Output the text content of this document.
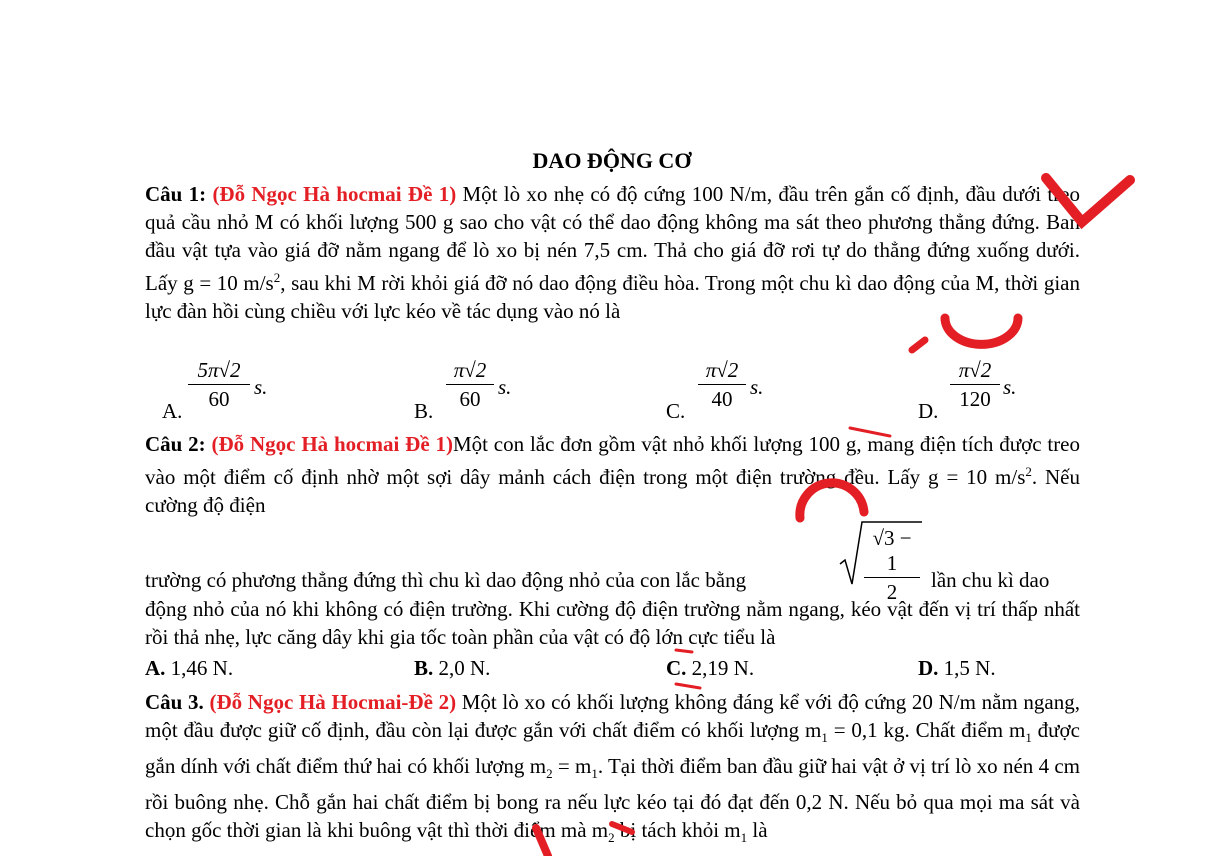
DAO ĐỘNG CƠ
Câu 1: (Đỗ Ngọc Hà hocmai Đề 1) Một lò xo nhẹ có độ cứng 100 N/m, đầu trên gắn cố định, đầu dưới treo quả cầu nhỏ M có khối lượng 500 g sao cho vật có thể dao động không ma sát theo phương thẳng đứng. Ban đầu vật tựa vào giá đỡ nằm ngang để lò xo bị nén 7,5 cm. Thả cho giá đỡ rơi tự do thẳng đứng xuống dưới. Lấy g = 10 $m/s^2$, sau khi M rời khỏi giá đỡ nó dao động điều hòa. Trong một chu kì dao động của M, thời gian lực đàn hồi cùng chiều với lực kéo về tác dụng vào nó là
A. $\frac{5\pi√2}{60} s$.
B. $\frac{\pi√2}{60} s$.
C. $\frac{\pi√2}{40} s$.
D. $\frac{\pi√2}{120} s$.
Câu 2: (Đỗ Ngọc Hà hocmai Đề 1)Một con lắc đơn gồm vật nhỏ khối lượng 100 g, mang điện tích được treo vào một điểm cố định nhờ một sợi dây mảnh cách điện trong một điện trường đều. Lấy g = 10 $m/s^2$. Nếu cường độ điện
trường có phương thẳng đứng thì chu kì dao động nhỏ của con lắc bằng	$\frac{√3 - 1}{2}$ lần chu kì dao
động nhỏ của nó khi không có điện trường. Khi cường độ điện trường nằm ngang, kéo vật đến vị trí thấp nhất rồi thả nhẹ, lực căng dây khi gia tốc toàn phần của vật có độ lớn cực tiểu là
A. 1,46 N.	B. 2,0 N.	C. 2,19 N.	D. 1,5 N.
Câu 3. (Đỗ Ngọc Hà Hocmai-Đề 2) Một lò xo có khối lượng không đáng kể với độ cứng 20 N/m nằm ngang, một đầu được giữ cố định, đầu còn lại được gắn với chất điểm có khối lượng $m_1 = 0,1$ kg. Chất điểm $m_1$ được gắn dính với chất điểm thứ hai có khối lượng $m_2 = m_1$. Tại thời điểm ban đầu giữ hai vật ở vị trí lò xo nén 4 cm rồi buông nhẹ. Chỗ gắn hai chất điểm bị bong ra nếu lực kéo tại đó đạt đến 0,2 N. Nếu bỏ qua mọi ma sát và chọn gốc thời gian là khi buông vật thì thời điểm mà $m_2$ bị tách khỏi $m_1$ là
